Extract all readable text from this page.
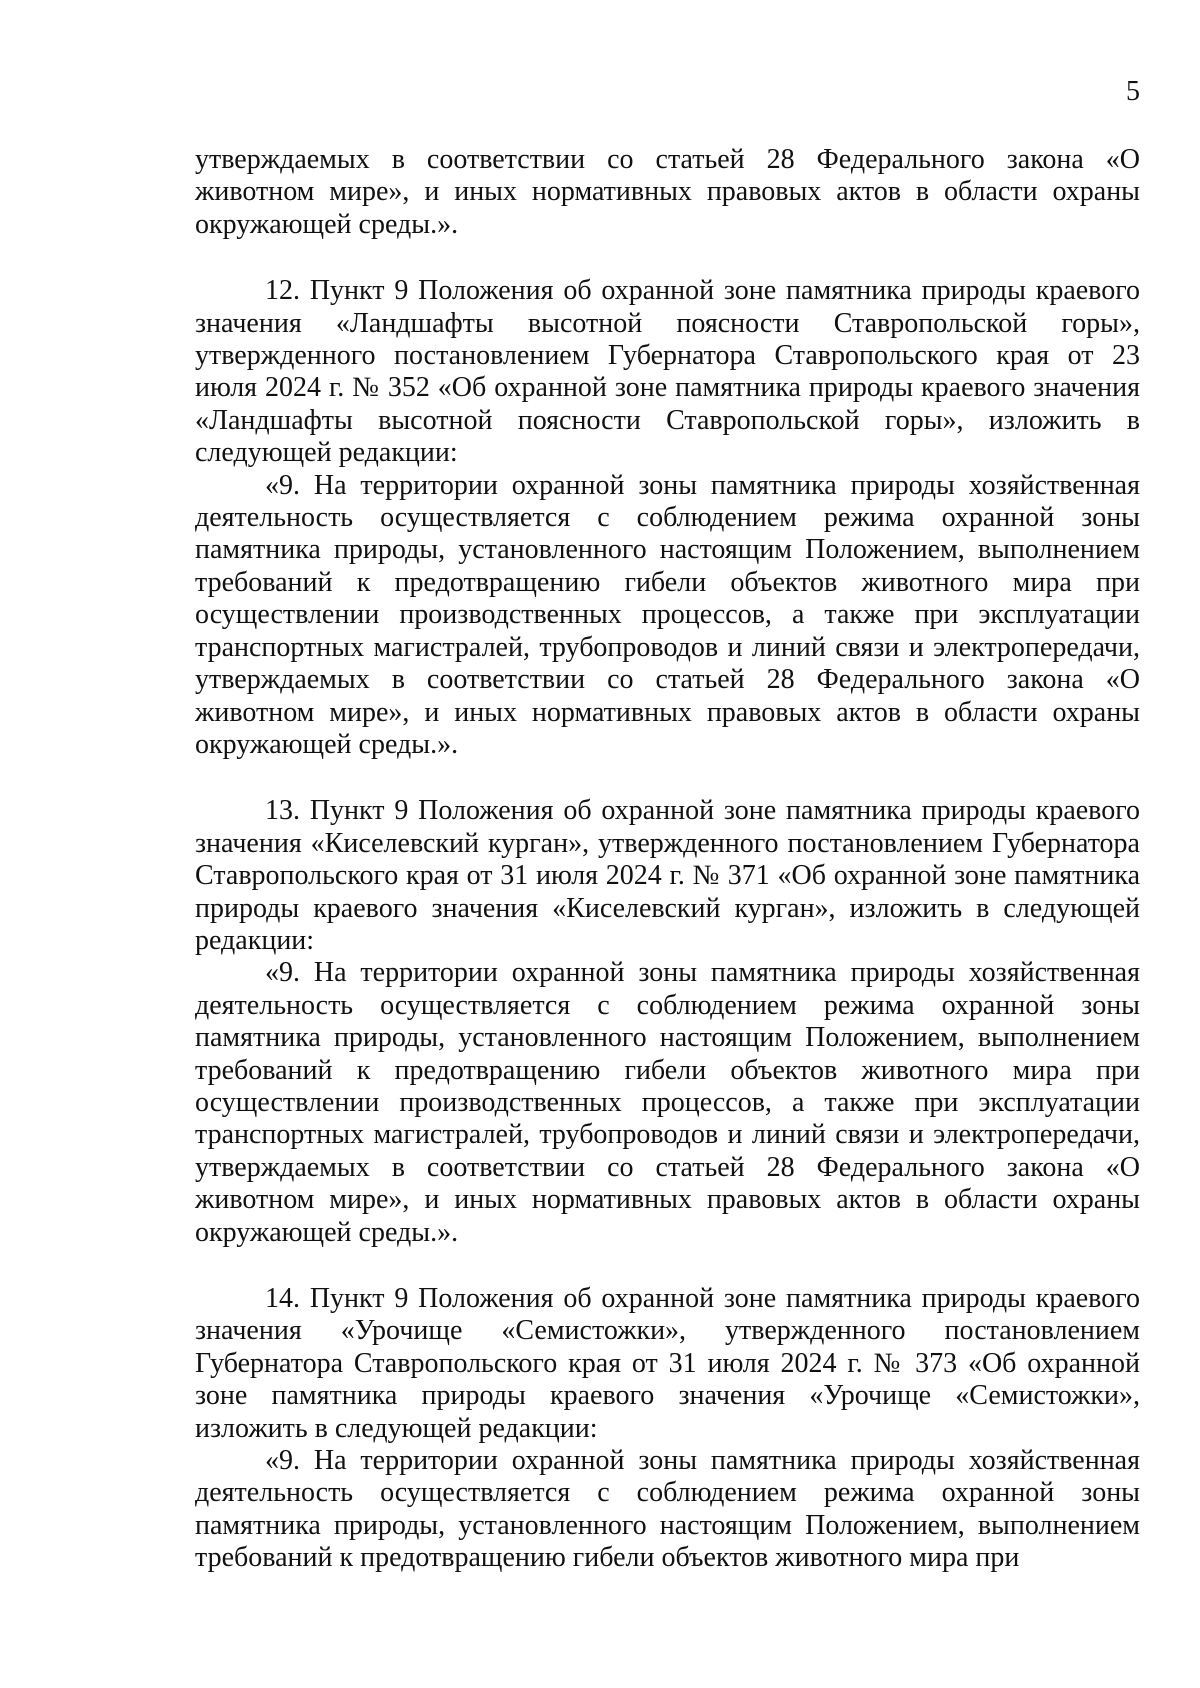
5

утверждаемых в соответствии со статьей 28 Федерального закона «О животном мире», и иных нормативных правовых актов в области охраны окружающей среды.».

12. Пункт 9 Положения об охранной зоне памятника природы краевого значения «Ландшафты высотной поясности Ставропольской горы», утвержденного постановлением Губернатора Ставропольского края от 23 июля 2024 г. № 352 «Об охранной зоне памятника природы краевого значения «Ландшафты высотной поясности Ставропольской горы», изложить в следующей редакции:

«9. На территории охранной зоны памятника природы хозяйственная деятельность осуществляется с соблюдением режима охранной зоны памятника природы, установленного настоящим Положением, выполнением требований к предотвращению гибели объектов животного мира при осуществлении производственных процессов, а также при эксплуатации транспортных магистралей, трубопроводов и линий связи и электропередачи, утверждаемых в соответствии со статьей 28 Федерального закона «О животном мире», и иных нормативных правовых актов в области охраны окружающей среды.».

13. Пункт 9 Положения об охранной зоне памятника природы краевого значения «Киселевский курган», утвержденного постановлением Губернатора Ставропольского края от 31 июля 2024 г. № 371 «Об охранной зоне памятника природы краевого значения «Киселевский курган», изложить в следующей редакции:

«9. На территории охранной зоны памятника природы хозяйственная деятельность осуществляется с соблюдением режима охранной зоны памятника природы, установленного настоящим Положением, выполнением требований к предотвращению гибели объектов животного мира при осуществлении производственных процессов, а также при эксплуатации транспортных магистралей, трубопроводов и линий связи и электропередачи, утверждаемых в соответствии со статьей 28 Федерального закона «О животном мире», и иных нормативных правовых актов в области охраны окружающей среды.».

14. Пункт 9 Положения об охранной зоне памятника природы краевого значения «Урочище «Семистожки», утвержденного постановлением Губернатора Ставропольского края от 31 июля 2024 г. № 373 «Об охранной зоне памятника природы краевого значения «Урочище «Семистожки», изложить в следующей редакции:

«9. На территории охранной зоны памятника природы хозяйственная деятельность осуществляется с соблюдением режима охранной зоны памятника природы, установленного настоящим Положением, выполнением требований к предотвращению гибели объектов животного мира при
